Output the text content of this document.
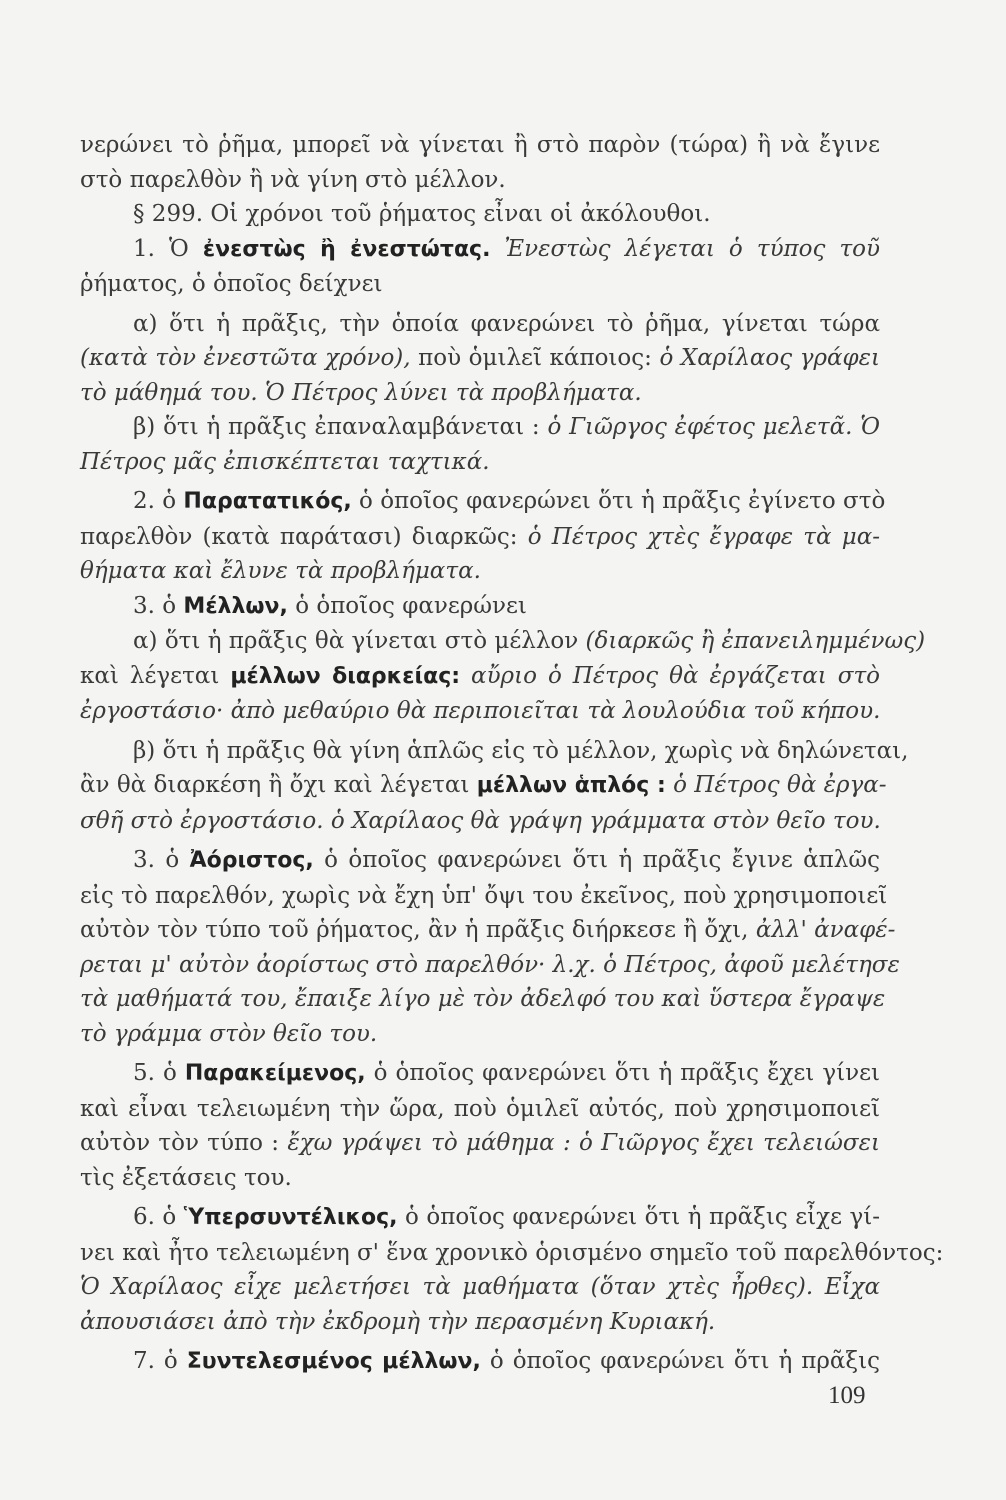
νερώνει τὸ ῥῆμα, μπορεῖ νὰ γίνεται ἢ στὸ παρὸν (τώρα) ἢ νὰ ἔγινε
στὸ παρελθὸν ἢ νὰ γίνη στὸ μέλλον.
§ 299. Οἱ χρόνοι τοῦ ῥήματος εἶναι οἱ ἀκόλουθοι.
1. Ὁ ἐνεστὼς ἢ ἐνεστώτας. Ἐνεστὼς λέγεται ὁ τύπος τοῦ
ῥήματος, ὁ ὁποῖος δείχνει
α) ὅτι ἡ πρᾶξις, τὴν ὁποία φανερώνει τὸ ῥῆμα, γίνεται τώρα
(κατὰ τὸν ἐνεστῶτα χρόνο), ποὺ ὁμιλεῖ κάποιος: ὁ Χαρίλαος γράφει
τὸ μάθημά του. Ὁ Πέτρος λύνει τὰ προβλήματα.
β) ὅτι ἡ πρᾶξις ἐπαναλαμβάνεται : ὁ Γιῶργος ἐφέτος μελετᾶ. Ὁ
Πέτρος μᾶς ἐπισκέπτεται ταχτικά.
2. ὁ Παρατατικός, ὁ ὁποῖος φανερώνει ὅτι ἡ πρᾶξις ἐγίνετο στὸ
παρελθὸν (κατὰ παράτασι) διαρκῶς: ὁ Πέτρος χτὲς ἔγραφε τὰ μα-
θήματα καὶ ἔλυνε τὰ προβλήματα.
3. ὁ Μέλλων, ὁ ὁποῖος φανερώνει
α) ὅτι ἡ πρᾶξις θὰ γίνεται στὸ μέλλον (διαρκῶς ἢ ἐπανειλημμένως)
καὶ λέγεται μέλλων διαρκείας: αὔριο ὁ Πέτρος θὰ ἐργάζεται στὸ
ἐργοστάσιο· ἀπὸ μεθαύριο θὰ περιποιεῖται τὰ λουλούδια τοῦ κήπου.
β) ὅτι ἡ πρᾶξις θὰ γίνη ἁπλῶς εἰς τὸ μέλλον, χωρὶς νὰ δηλώνεται,
ἂν θὰ διαρκέση ἢ ὄχι καὶ λέγεται μέλλων ἁπλός : ὁ Πέτρος θὰ ἐργα-
σθῆ στὸ ἐργοστάσιο. ὁ Χαρίλαος θὰ γράψη γράμματα στὸν θεῖο του.
3. ὁ Ἀόριστος, ὁ ὁποῖος φανερώνει ὅτι ἡ πρᾶξις ἔγινε ἁπλῶς
εἰς τὸ παρελθόν, χωρὶς νὰ ἔχη ὑπ' ὄψι του ἐκεῖνος, ποὺ χρησιμοποιεῖ
αὐτὸν τὸν τύπο τοῦ ῥήματος, ἂν ἡ πρᾶξις διήρκεσε ἢ ὄχι, ἀλλ' ἀναφέ-
ρεται μ' αὐτὸν ἀορίστως στὸ παρελθόν· λ.χ. ὁ Πέτρος, ἀφοῦ μελέτησε
τὰ μαθήματά του, ἔπαιξε λίγο μὲ τὸν ἀδελφό του καὶ ὕστερα ἔγραψε
τὸ γράμμα στὸν θεῖο του.
5. ὁ Παρακείμενος, ὁ ὁποῖος φανερώνει ὅτι ἡ πρᾶξις ἔχει γίνει
καὶ εἶναι τελειωμένη τὴν ὥρα, ποὺ ὁμιλεῖ αὐτός, ποὺ χρησιμοποιεῖ
αὐτὸν τὸν τύπο : ἔχω γράψει τὸ μάθημα : ὁ Γιῶργος ἔχει τελειώσει
τὶς ἐξετάσεις του.
6. ὁ Ὑπερσυντέλικος, ὁ ὁποῖος φανερώνει ὅτι ἡ πρᾶξις εἶχε γί-
νει καὶ ἦτο τελειωμένη σ' ἕνα χρονικὸ ὁρισμένο σημεῖο τοῦ παρελθόντος:
Ὁ Χαρίλαος εἶχε μελετήσει τὰ μαθήματα (ὅταν χτὲς ἦρθες). Εἶχα
ἀπουσιάσει ἀπὸ τὴν ἐκδρομὴ τὴν περασμένη Κυριακή.
7. ὁ Συντελεσμένος μέλλων, ὁ ὁποῖος φανερώνει ὅτι ἡ πρᾶξις
109
